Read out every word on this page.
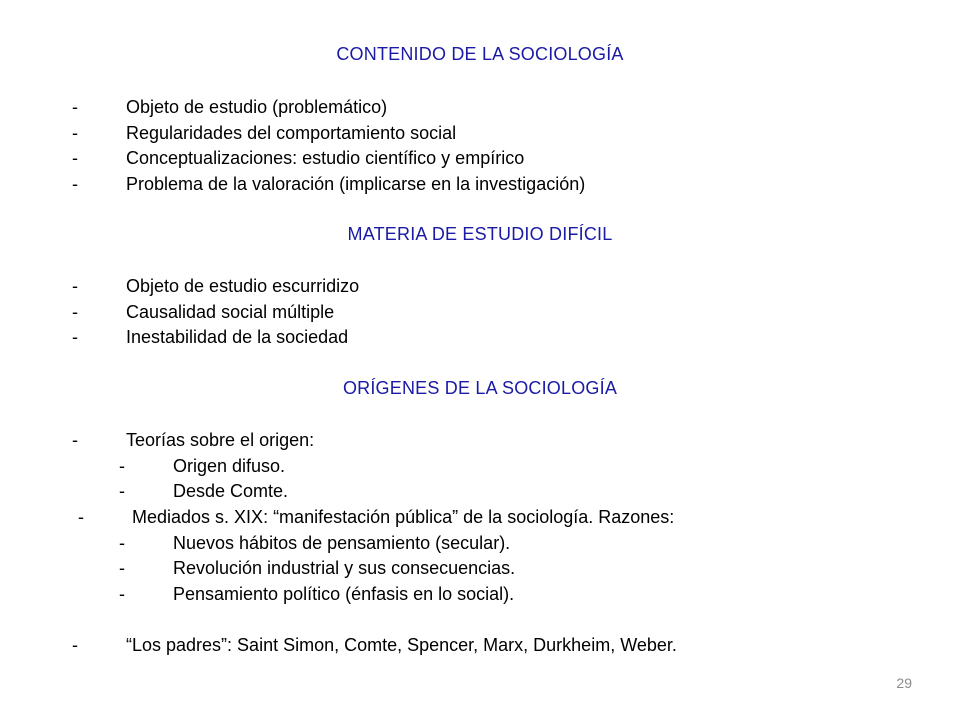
CONTENIDO DE LA SOCIOLOGÍA
-	Objeto de estudio (problemático)
-	Regularidades del comportamiento social
-	Conceptualizaciones: estudio científico y empírico
-	Problema de la valoración (implicarse en la investigación)
MATERIA DE ESTUDIO DIFÍCIL
-	Objeto de estudio escurridizo
-	Causalidad social múltiple
-	Inestabilidad de la sociedad
ORÍGENES DE LA SOCIOLOGÍA
-	Teorías sobre el origen:
-	Origen difuso.
-	Desde Comte.
-	Mediados s. XIX: “manifestación pública” de la sociología. Razones:
-	Nuevos hábitos de pensamiento (secular).
-	Revolución industrial y sus consecuencias.
-	Pensamiento político (énfasis en lo social).
-	“Los padres”: Saint Simon, Comte, Spencer, Marx, Durkheim, Weber.
29
